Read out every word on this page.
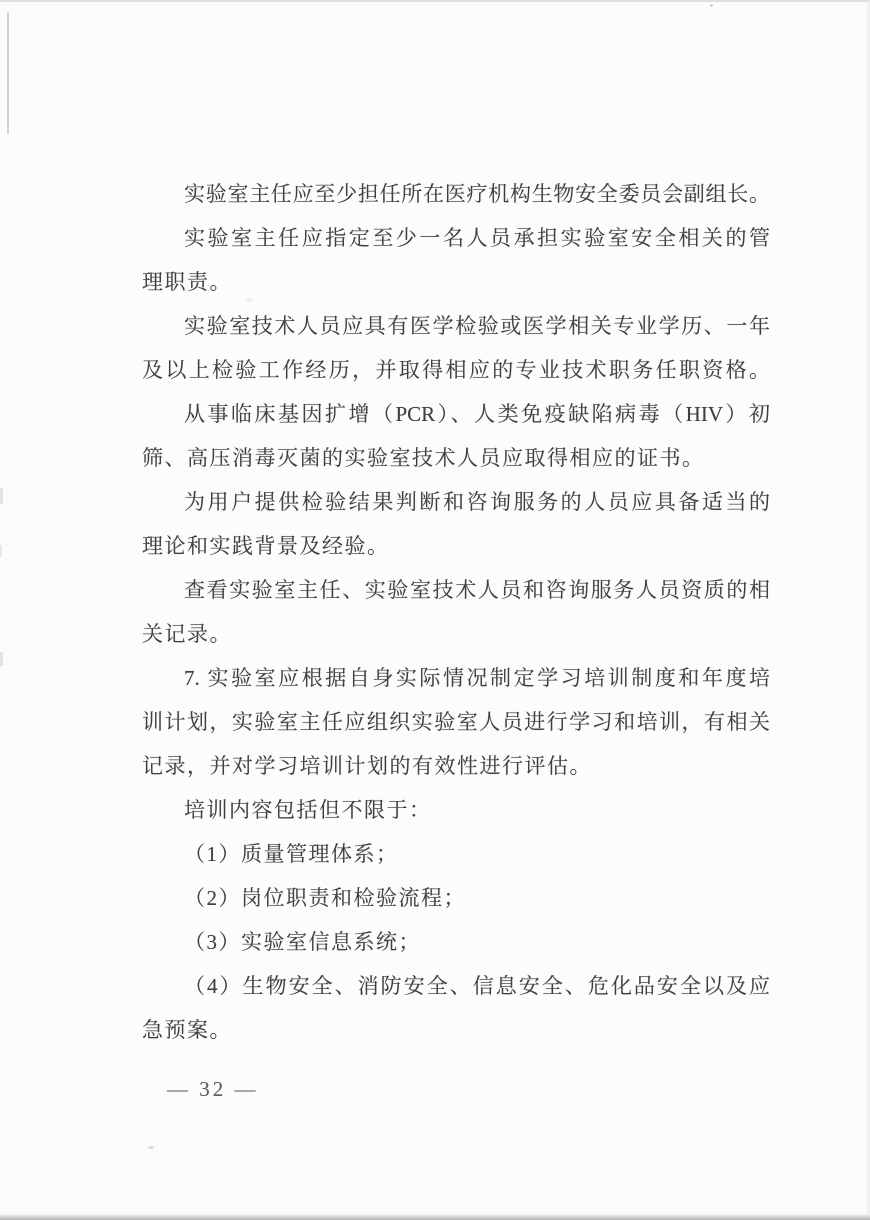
实验室主任应至少担任所在医疗机构生物安全委员会副组长。
实验室主任应指定至少一名人员承担实验室安全相关的管
理职责。
实验室技术人员应具有医学检验或医学相关专业学历、一年
及以上检验工作经历，并取得相应的专业技术职务任职资格。
从事临床基因扩增（PCR）、人类免疫缺陷病毒（HIV）初
筛、高压消毒灭菌的实验室技术人员应取得相应的证书。
为用户提供检验结果判断和咨询服务的人员应具备适当的
理论和实践背景及经验。
查看实验室主任、实验室技术人员和咨询服务人员资质的相
关记录。
7. 实验室应根据自身实际情况制定学习培训制度和年度培
训计划，实验室主任应组织实验室人员进行学习和培训，有相关
记录，并对学习培训计划的有效性进行评估。
培训内容包括但不限于：
（1）质量管理体系；
（2）岗位职责和检验流程；
（3）实验室信息系统；
（4）生物安全、消防安全、信息安全、危化品安全以及应
急预案。
— 32 —
